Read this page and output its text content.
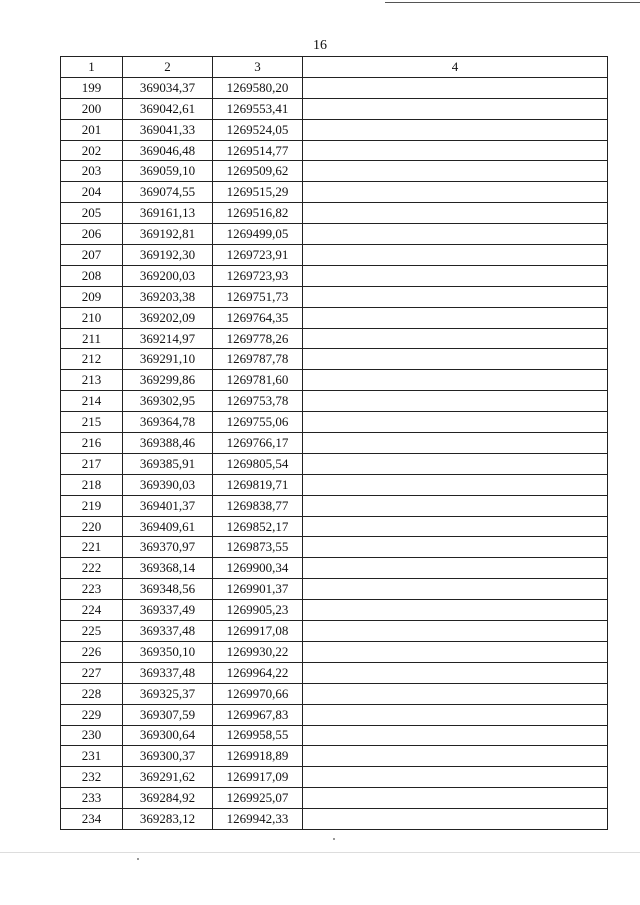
16
1	2	3	4
199	369034,37	1269580,20	
200	369042,61	1269553,41	
201	369041,33	1269524,05	
202	369046,48	1269514,77	
203	369059,10	1269509,62	
204	369074,55	1269515,29	
205	369161,13	1269516,82	
206	369192,81	1269499,05	
207	369192,30	1269723,91	
208	369200,03	1269723,93	
209	369203,38	1269751,73	
210	369202,09	1269764,35	
211	369214,97	1269778,26	
212	369291,10	1269787,78	
213	369299,86	1269781,60	
214	369302,95	1269753,78	
215	369364,78	1269755,06	
216	369388,46	1269766,17	
217	369385,91	1269805,54	
218	369390,03	1269819,71	
219	369401,37	1269838,77	
220	369409,61	1269852,17	
221	369370,97	1269873,55	
222	369368,14	1269900,34	
223	369348,56	1269901,37	
224	369337,49	1269905,23	
225	369337,48	1269917,08	
226	369350,10	1269930,22	
227	369337,48	1269964,22	
228	369325,37	1269970,66	
229	369307,59	1269967,83	
230	369300,64	1269958,55	
231	369300,37	1269918,89	
232	369291,62	1269917,09	
233	369284,92	1269925,07	
234	369283,12	1269942,33	
